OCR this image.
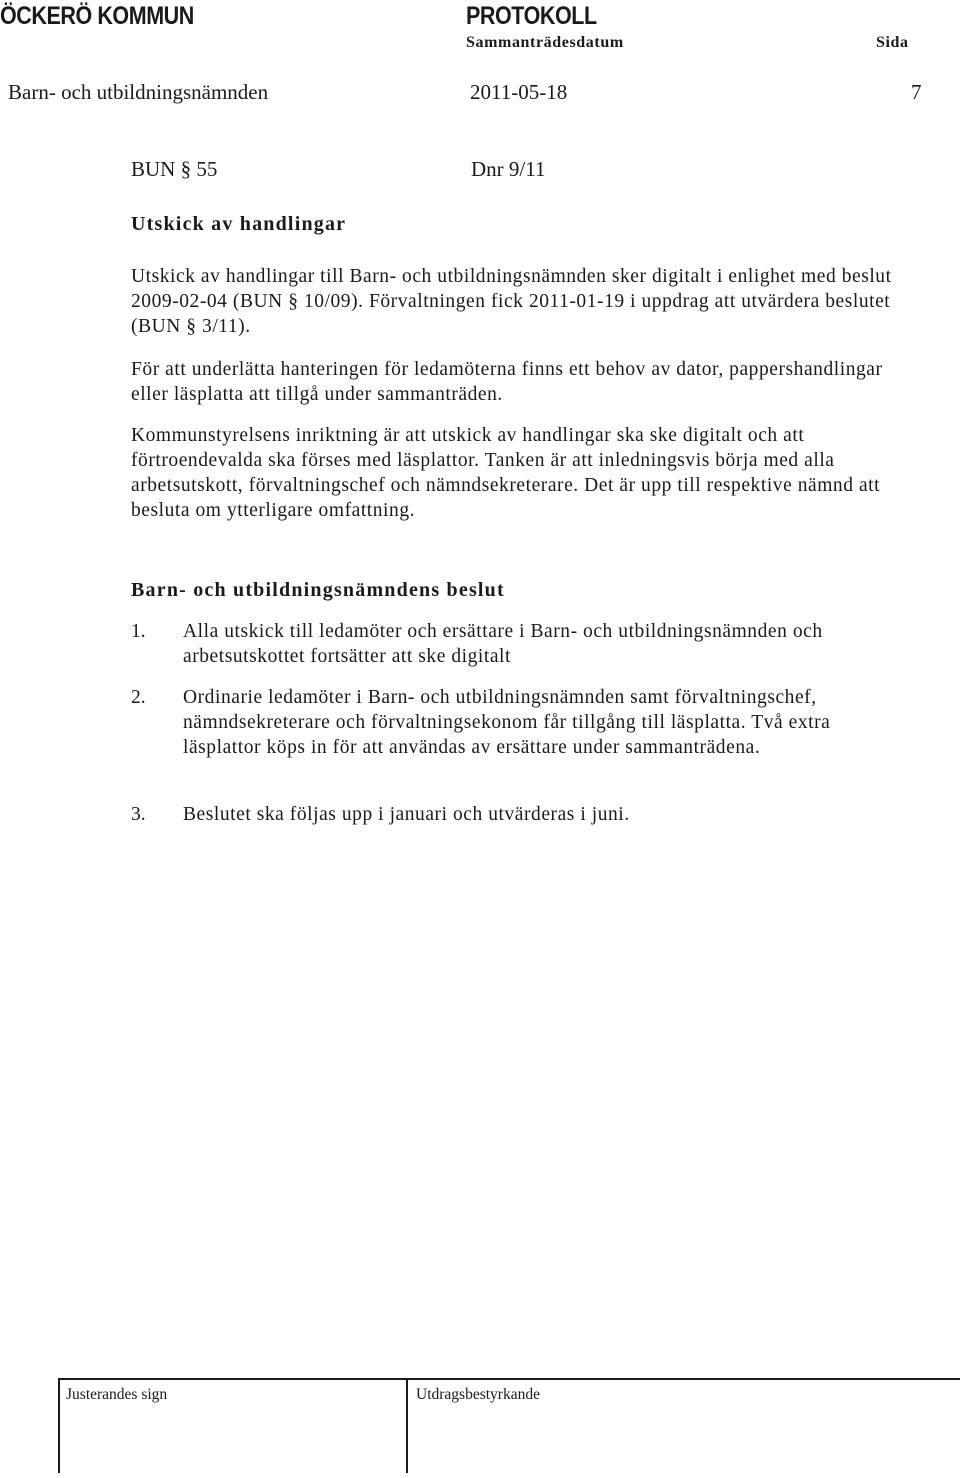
ÖCKERÖ KOMMUN	PROTOKOLL
Sammanträdesdatum	Sida
Barn- och utbildningsnämnden	2011-05-18	7
BUN § 55	Dnr 9/11
Utskick av handlingar

Utskick av handlingar till Barn- och utbildningsnämnden sker digitalt i enlighet med beslut 2009-02-04 (BUN § 10/09). Förvaltningen fick 2011-01-19 i uppdrag att utvärdera beslutet (BUN § 3/11).

För att underlätta hanteringen för ledamöterna finns ett behov av dator, pappershandlingar eller läsplatta att tillgå under sammanträden.

Kommunstyrelsens inriktning är att utskick av handlingar ska ske digitalt och att förtroendevalda ska förses med läsplattor. Tanken är att inledningsvis börja med alla arbetsutskott, förvaltningschef och nämndsekreterare. Det är upp till respektive nämnd att besluta om ytterligare omfattning.

Barn- och utbildningsnämndens beslut
1. Alla utskick till ledamöter och ersättare i Barn- och utbildningsnämnden och arbetsutskottet fortsätter att ske digitalt

2. Ordinarie ledamöter i Barn- och utbildningsnämnden samt förvaltningschef, nämndsekreterare och förvaltningsekonom får tillgång till läsplatta. Två extra läsplattor köps in för att användas av ersättare under sammanträdena.

3. Beslutet ska följas upp i januari och utvärderas i juni.

Justerandes sign	Utdragsbestyrkande
